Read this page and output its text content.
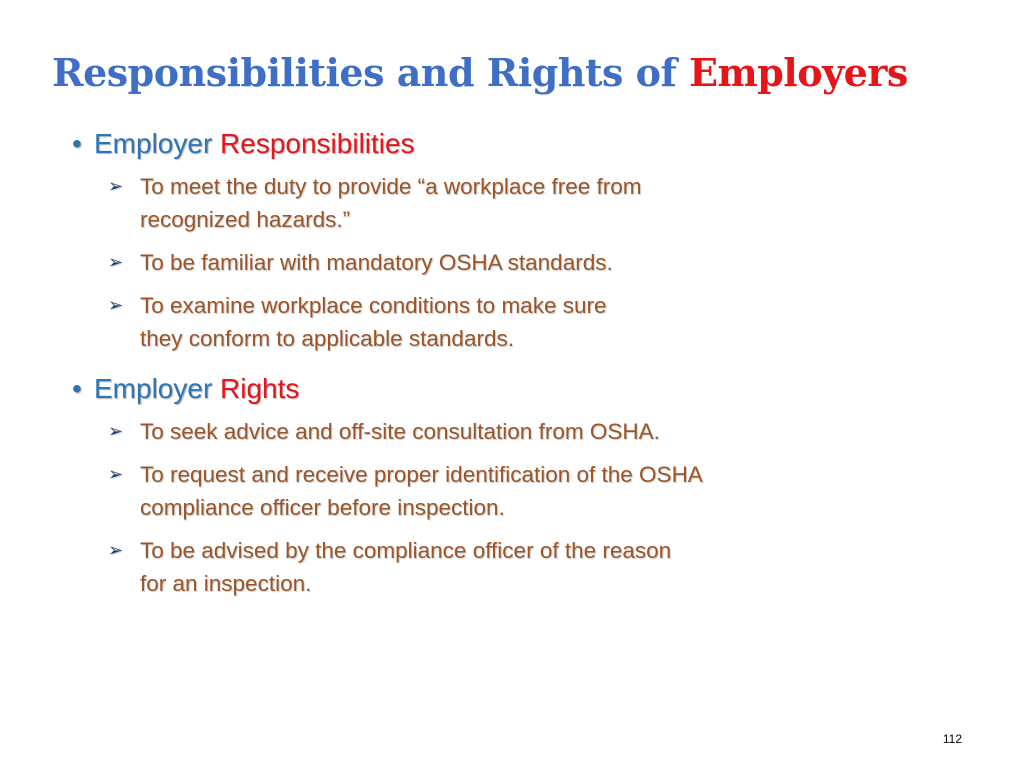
Responsibilities and Rights of Employers
• Employer Responsibilities
➢ To meet the duty to provide “a workplace free from
recognized hazards.”
➢ To be familiar with mandatory OSHA standards.
➢ To examine workplace conditions to make sure
they conform to applicable standards.
• Employer Rights
➢ To seek advice and off-site consultation from OSHA.
➢ To request and receive proper identification of the OSHA
compliance officer before inspection.
➢ To be advised by the compliance officer of the reason
for an inspection.
112
